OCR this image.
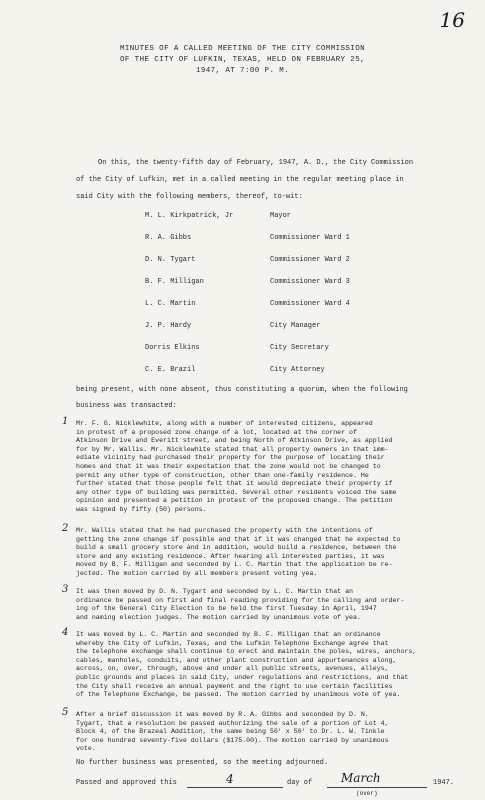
16
MINUTES OF A CALLED MEETING OF THE CITY COMMISSION
OF THE CITY OF LUFKIN, TEXAS, HELD ON FEBRUARY 25,
1947, AT 7:00 P. M.
On this, the twenty-fifth day of February, 1947, A. D., the City Commission
of the City of Lufkin, met in a called meeting in the regular meeting place in
said City with the following members, thereof, to-wit:
M. L. Kirkpatrick, Jr	Mayor
R. A. Gibbs	Commissioner Ward 1
D. N. Tygart	Commissioner Ward 2
B. F. Milligan	Commissioner Ward 3
L. C. Martin	Commissioner Ward 4
J. P. Hardy	City Manager
Dorris Elkins	City Secretary
C. E. Brazil	City Attorney
being present, with none absent, thus constituting a quorum, when the following
business was transacted:
1 Mr. F. G. Nicklewhite, along with a number of interested citizens, appeared
in protest of a proposed zone change of a lot, located at the corner of
Atkinson Drive and Everitt street, and being North of Atkinson Drive, as applied
for by Mr. Wallis. Mr. Nicklewhite stated that all property owners in that imm-
ediate vicinity had purchased their property for the purpose of locating their
homes and that it was their expectation that the zone would not be changed to
permit any other type of construction, other than one-family residence. He
further stated that those people felt that it would depreciate their property if
any other type of building was permitted. Several other residents voiced the same
opinion and presented a petition in protest of the proposed change. The petition
was signed by fifty (50) persons.
2 Mr. Wallis stated that he had purchased the property with the intentions of
getting the zone change if possible and that if it was changed that he expected to
build a small grocery store and in addition, would build a residence, between the
store and any existing residence. After hearing all interested parties, it was
moved by B. F. Milligan and seconded by L. C. Martin that the application be re-
jected. The motion carried by all members present voting yea.
3 It was then moved by D. N. Tygart and seconded by L. C. Martin that an
ordinance be passed on first and final reading providing for the calling and order-
ing of the General City Election to be held the first Tuesday in April, 1947
and naming election judges. The motion carried by unanimous vote of yea.
4 It was moved by L. C. Martin and seconded by B. F. Milligan that an ordinance
whereby the City of Lufkin, Texas, and the Lufkin Telephone Exchange agree that
the telephone exchange shall continue to erect and maintain the poles, wires, anchors,
cables, manholes, conduits, and other plant construction and appurtenances along,
across, on, over, through, above and under all public streets, avenues, alleys,
public grounds and places in said City, under regulations and restrictions, and that
the City shall receive an annual payment and the right to use certain facilities
of the Telephone Exchange, be passed. The motion carried by unanimous vote of yea.
5 After a brief discussion it was moved by R. A. Gibbs and seconded by D. N.
Tygart, that a resolution be passed authorizing the sale of a portion of Lot 4,
Block 4, of the Brazeal Addition, the same being 50' x 50' to Dr. L. W. Tinkle
for one hundred seventy-five dollars ($175.00). The motion carried by unanimous
vote.
No further business was presented, so the meeting adjourned.
Passed and approved this	4	day of March
(over)
1947.
